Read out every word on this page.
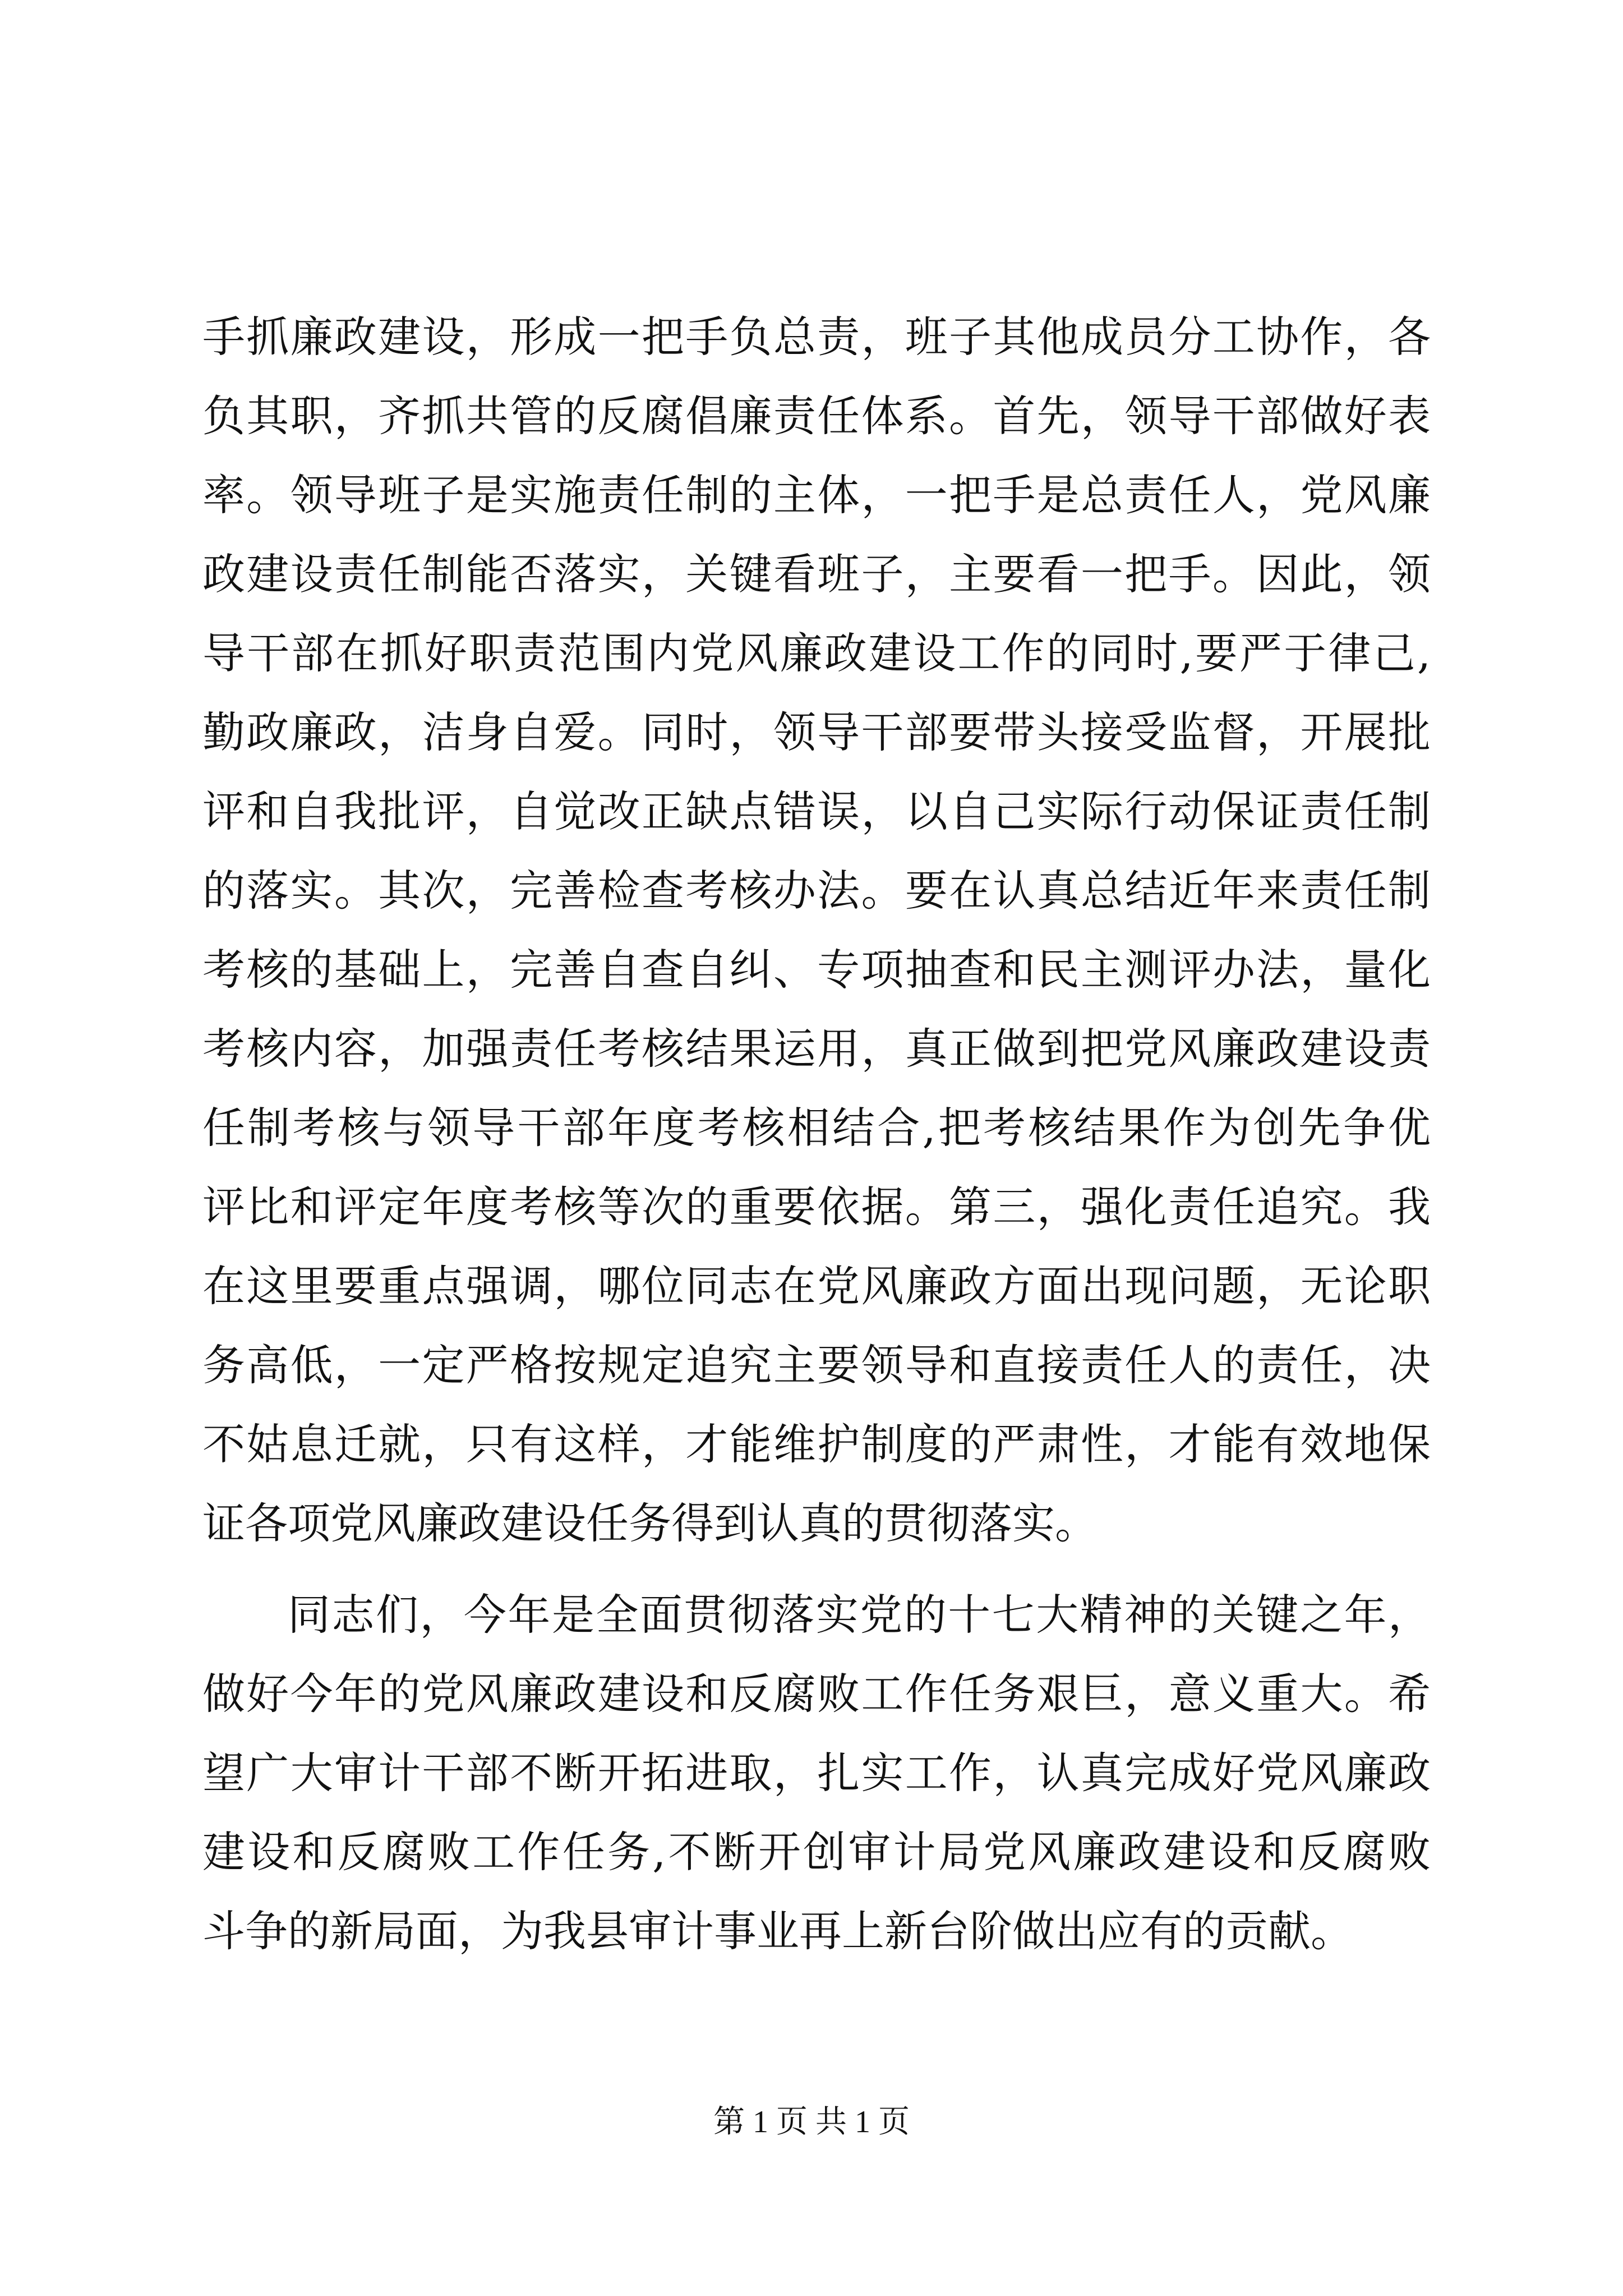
手抓廉政建设，形成一把手负总责，班子其他成员分工协作，各
负其职，齐抓共管的反腐倡廉责任体系。首先，领导干部做好表
率。领导班子是实施责任制的主体，一把手是总责任人，党风廉
政建设责任制能否落实，关键看班子，主要看一把手。因此，领
导干部在抓好职责范围内党风廉政建设工作的同时,要严于律己,
勤政廉政，洁身自爱。同时，领导干部要带头接受监督，开展批
评和自我批评，自觉改正缺点错误，以自己实际行动保证责任制
的落实。其次，完善检查考核办法。要在认真总结近年来责任制
考核的基础上，完善自查自纠、专项抽查和民主测评办法，量化
考核内容，加强责任考核结果运用，真正做到把党风廉政建设责
任制考核与领导干部年度考核相结合,把考核结果作为创先争优
评比和评定年度考核等次的重要依据。第三，强化责任追究。我
在这里要重点强调，哪位同志在党风廉政方面出现问题，无论职
务高低，一定严格按规定追究主要领导和直接责任人的责任，决
不姑息迁就，只有这样，才能维护制度的严肃性，才能有效地保
证各项党风廉政建设任务得到认真的贯彻落实。
同志们，今年是全面贯彻落实党的十七大精神的关键之年，
做好今年的党风廉政建设和反腐败工作任务艰巨，意义重大。希
望广大审计干部不断开拓进取，扎实工作，认真完成好党风廉政
建设和反腐败工作任务,不断开创审计局党风廉政建设和反腐败
斗争的新局面，为我县审计事业再上新台阶做出应有的贡献。
第 1 页 共 1 页
